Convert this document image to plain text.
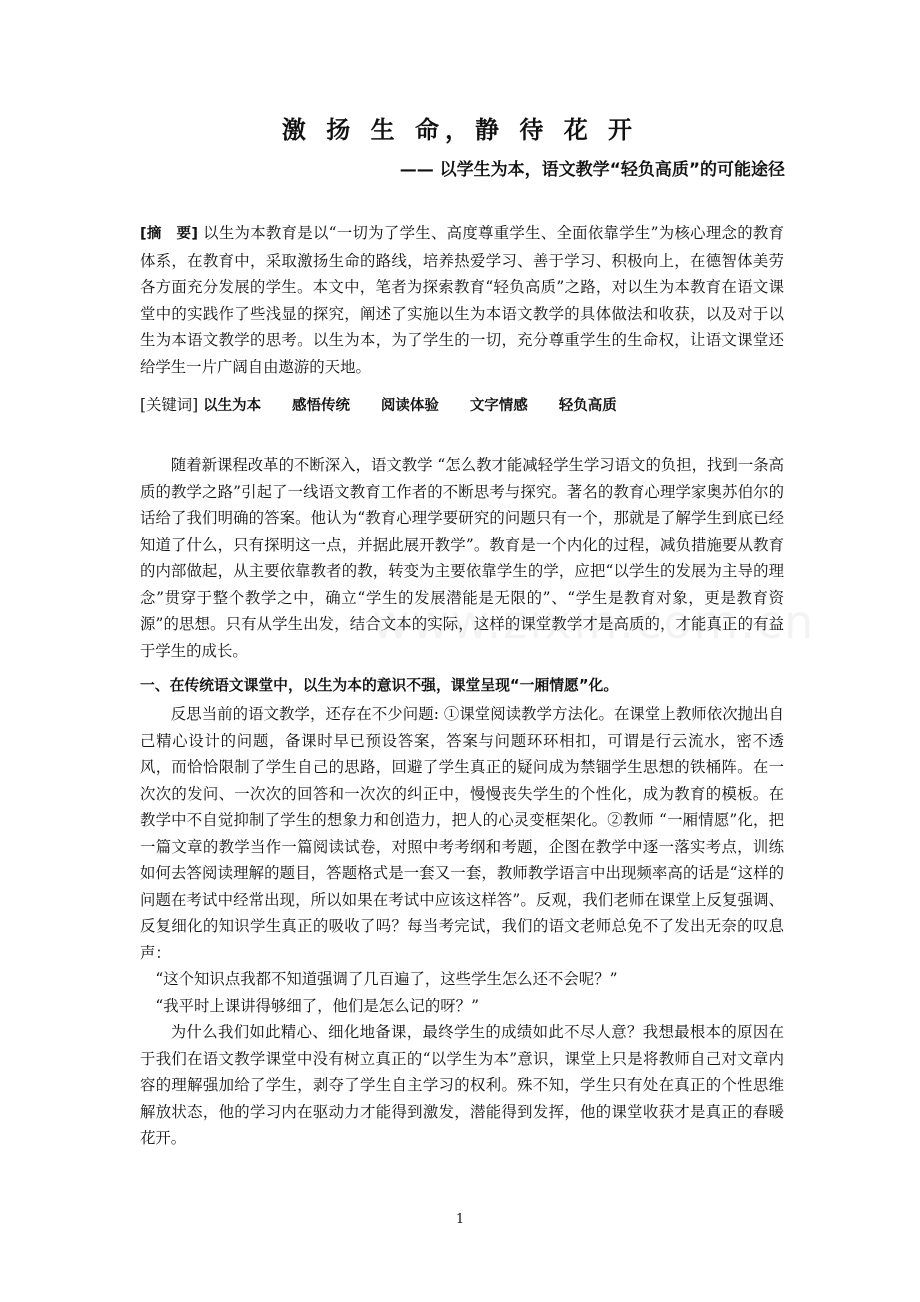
激 扬 生 命，静 待 花 开
—— 以学生为本，语文教学“轻负高质”的可能途径
[摘　要] 以生为本教育是以“一切为了学生、高度尊重学生、全面依靠学生”为核心理念的教育体系，在教育中，采取激扬生命的路线，培养热爱学习、善于学习、积极向上，在德智体美劳各方面充分发展的学生。本文中，笔者为探索教育“轻负高质”之路，对以生为本教育在语文课堂中的实践作了些浅显的探究，阐述了实施以生为本语文教学的具体做法和收获，以及对于以生为本语文教学的思考。以生为本，为了学生的一切，充分尊重学生的生命权，让语文课堂还给学生一片广阔自由遨游的天地。
[关键词] 以生为本 感悟传统 阅读体验 文字情感 轻负高质

随着新课程改革的不断深入，语文教学 “怎么教才能减轻学生学习语文的负担，找到一条高质的教学之路”引起了一线语文教育工作者的不断思考与探究。著名的教育心理学家奥苏伯尔的话给了我们明确的答案。他认为“教育心理学要研究的问题只有一个，那就是了解学生到底已经知道了什么，只有探明这一点，并据此展开教学”。教育是一个内化的过程，减负措施要从教育的内部做起，从主要依靠教者的教，转变为主要依靠学生的学，应把“以学生的发展为主导的理念”贯穿于整个教学之中，确立“学生的发展潜能是无限的”、“学生是教育对象，更是教育资源”的思想。只有从学生出发，结合文本的实际，这样的课堂教学才是高质的，才能真正的有益于学生的成长。

一、在传统语文课堂中，以生为本的意识不强，课堂呈现“一厢情愿”化。

反思当前的语文教学，还存在不少问题: ①课堂阅读教学方法化。在课堂上教师依次抛出自己精心设计的问题，备课时早已预设答案，答案与问题环环相扣，可谓是行云流水，密不透风，而恰恰限制了学生自己的思路，回避了学生真正的疑问成为禁锢学生思想的铁桶阵。在一次次的发问、一次次的回答和一次次的纠正中，慢慢丧失学生的个性化，成为教育的模板。在教学中不自觉抑制了学生的想象力和创造力，把人的心灵变框架化。②教师 “一厢情愿”化，把一篇文章的教学当作一篇阅读试卷，对照中考考纲和考题，企图在教学中逐一落实考点，训练如何去答阅读理解的题目，答题格式是一套又一套，教师教学语言中出现频率高的话是“这样的问题在考试中经常出现，所以如果在考试中应该这样答”。反观，我们老师在课堂上反复强调、反复细化的知识学生真正的吸收了吗？每当考完试，我们的语文老师总免不了发出无奈的叹息声：

“这个知识点我都不知道强调了几百遍了，这些学生怎么还不会呢？”

“我平时上课讲得够细了，他们是怎么记的呀？”

为什么我们如此精心、细化地备课，最终学生的成绩如此不尽人意？我想最根本的原因在于我们在语文教学课堂中没有树立真正的“以学生为本”意识，课堂上只是将教师自己对文章内容的理解强加给了学生，剥夺了学生自主学习的权利。殊不知，学生只有处在真正的个性思维解放状态，他的学习内在驱动力才能得到激发，潜能得到发挥，他的课堂收获才是真正的春暖花开。

1
